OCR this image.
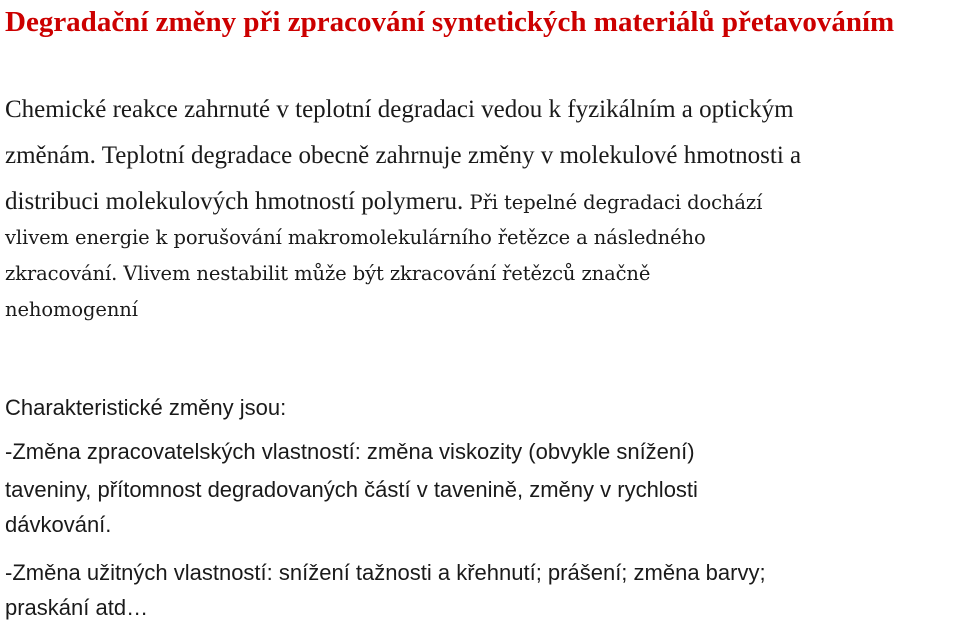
Degradační změny při zpracování syntetických materiálů přetavováním

Chemické reakce zahrnuté v teplotní degradaci vedou k fyzikálním a optickým

změnám. Teplotní degradace obecně zahrnuje změny v molekulové hmotnosti a

distribuci molekulových hmotností polymeru. Při tepelné degradaci dochází

vlivem energie k porušování makromolekulárního řetězce a následného

zkracování. Vlivem nestabilit může být zkracování řetězců značně

nehomogenní

Charakteristické změny jsou:

-Změna zpracovatelských vlastností: změna viskozity (obvykle snížení)

taveniny, přítomnost degradovaných částí v tavenině, změny v rychlosti

dávkování.

-Změna užitných vlastností: snížení tažnosti a křehnutí; prášení; změna barvy;

praskání atd…
